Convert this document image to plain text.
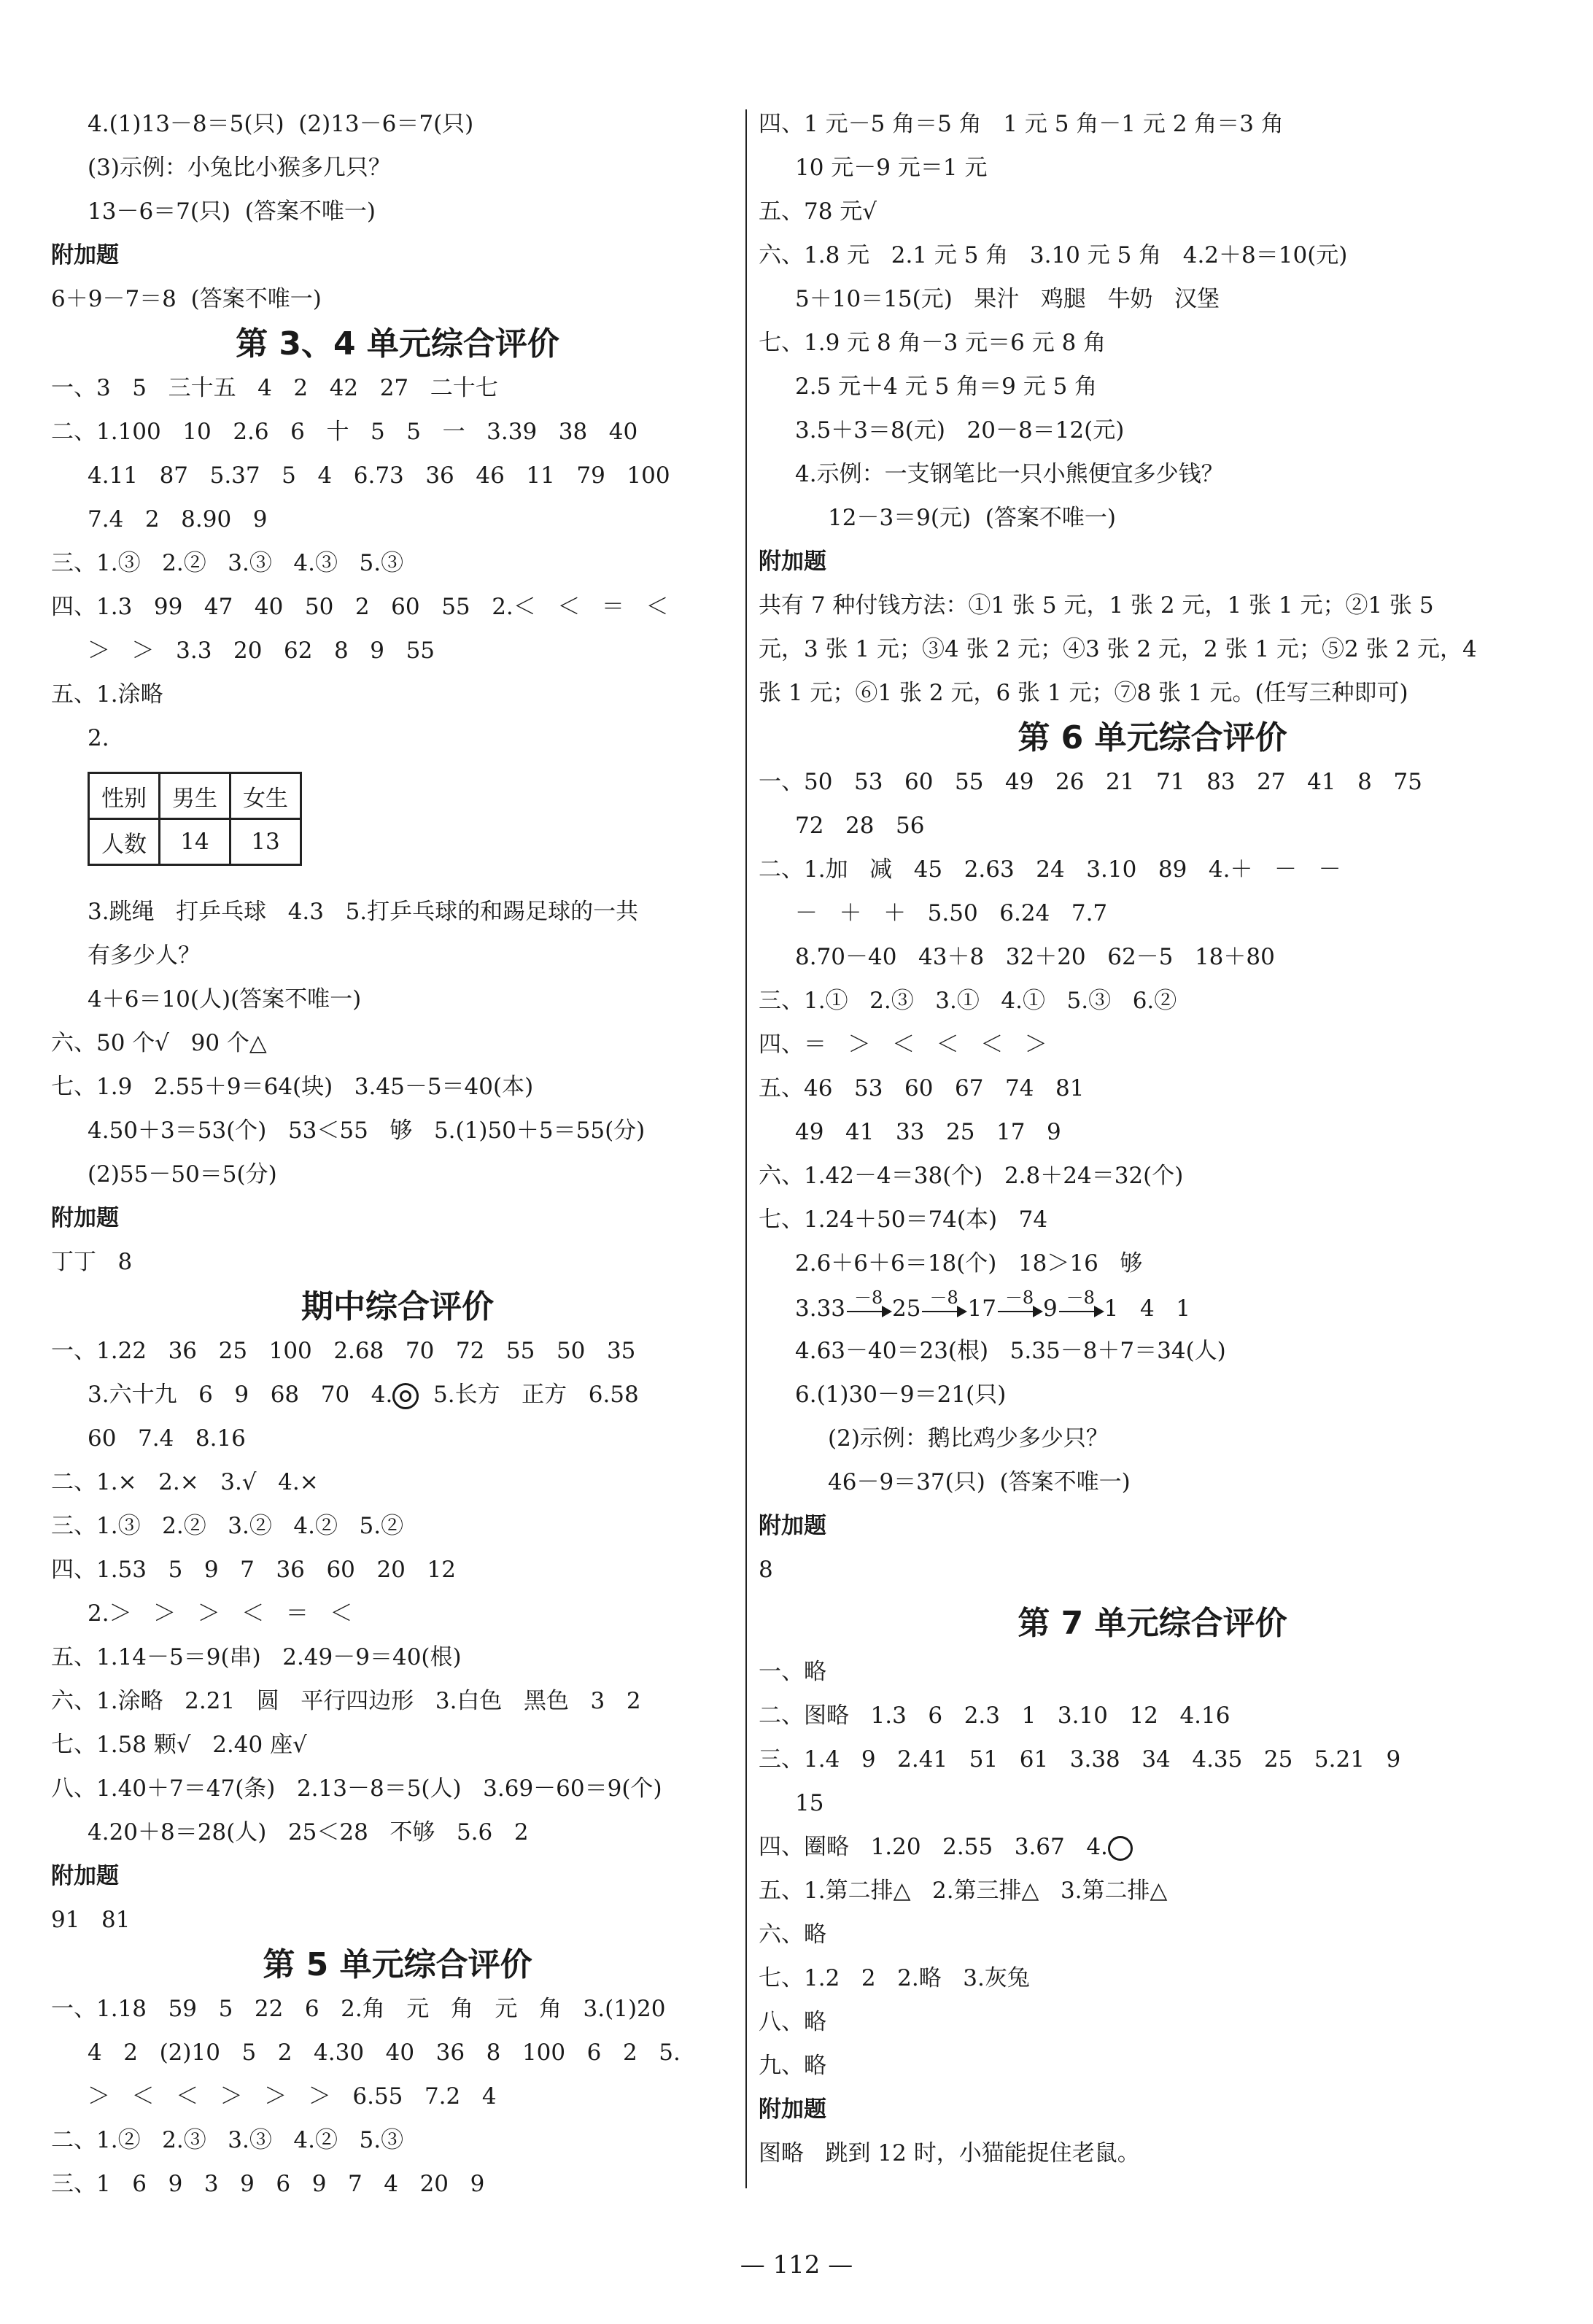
4.(1)13－8＝5(只)  (2)13－6＝7(只)
(3)示例：小兔比小猴多几只？
13－6＝7(只)  (答案不唯一)
附加题
6＋9－7＝8  (答案不唯一)
第 3、4 单元综合评价
一、3   5   三十五   4   2   42   27   二十七
二、1.100   10   2.6   6   十   5   5   一   3.39   38   40
4.11   87   5.37   5   4   6.73   36   46   11   79   100
7.4   2   8.90   9
三、1.③   2.②   3.③   4.③   5.③
四、1.3   99   47   40   50   2   60   55   2.＜   ＜   ＝   ＜
＞   ＞   3.3   20   62   8   9   55
五、1.涂略
2.
性别	男生	女生
人数	14	13
3.跳绳   打乒乓球   4.3   5.打乒乓球的和踢足球的一共
有多少人？
4＋6＝10(人)(答案不唯一)
六、50 个√   90 个△
七、1.9   2.55＋9＝64(块)   3.45－5＝40(本)
4.50＋3＝53(个)   53＜55   够   5.(1)50＋5＝55(分)
(2)55－50＝5(分)
附加题
丁丁   8
期中综合评价
一、1.22   36   25   100   2.68   70   72   55   50   35
3.六十九   6   9   68   70   4.  5.长方   正方   6.58
60   7.4   8.16
二、1.×   2.×   3.√   4.×
三、1.③   2.②   3.②   4.②   5.②
四、1.53   5   9   7   36   60   20   12
2.＞   ＞   ＞   ＜   ＝   ＜
五、1.14－5＝9(串)   2.49－9＝40(根)
六、1.涂略   2.21   圆   平行四边形   3.白色   黑色   3   2
七、1.58 颗√   2.40 座√
八、1.40＋7＝47(条)   2.13－8＝5(人)   3.69－60＝9(个)
4.20＋8＝28(人)   25＜28   不够   5.6   2
附加题
91   81
第 5 单元综合评价
一、1.18   59   5   22   6   2.角   元   角   元   角   3.(1)20
4   2   (2)10   5   2   4.30   40   36   8   100   6   2   5.
＞   ＜   ＜   ＞   ＞   ＞   6.55   7.2   4
二、1.②   2.③   3.③   4.②   5.③
三、1   6   9   3   9   6   9   7   4   20   9
四、1 元－5 角＝5 角   1 元 5 角－1 元 2 角＝3 角
10 元－9 元＝1 元
五、78 元√
六、1.8 元   2.1 元 5 角   3.10 元 5 角   4.2＋8＝10(元)
5＋10＝15(元)   果汁   鸡腿   牛奶   汉堡
七、1.9 元 8 角－3 元＝6 元 8 角
2.5 元＋4 元 5 角＝9 元 5 角
3.5＋3＝8(元)   20－8＝12(元)
4.示例：一支钢笔比一只小熊便宜多少钱？
12－3＝9(元)  (答案不唯一)
附加题
共有 7 种付钱方法：①1 张 5 元，1 张 2 元，1 张 1 元；②1 张 5
元，3 张 1 元；③4 张 2 元；④3 张 2 元，2 张 1 元；⑤2 张 2 元，4
张 1 元；⑥1 张 2 元，6 张 1 元；⑦8 张 1 元。(任写三种即可)
第 6 单元综合评价
一、50   53   60   55   49   26   21   71   83   27   41   8   75
72   28   56
二、1.加   减   45   2.63   24   3.10   89   4.＋   －   －
－   ＋   ＋   5.50   6.24   7.7
8.70－40   43＋8   32＋20   62－5   18＋80
三、1.①   2.③   3.①   4.①   5.③   6.②
四、＝   ＞   ＜   ＜   ＜   ＞
五、46   53   60   67   74   81
49   41   33   25   17   9
六、1.42－4＝38(个)   2.8＋24＝32(个)
七、1.24＋50＝74(本)   74
2.6＋6＋6＝18(个)   18＞16   够
3.33 －8 25 －8 17 －8 9 －8 1   4   1
4.63－40＝23(根)   5.35－8＋7＝34(人)
6.(1)30－9＝21(只)
(2)示例：鹅比鸡少多少只？
46－9＝37(只)  (答案不唯一)
附加题
8
第 7 单元综合评价
一、略
二、图略   1.3   6   2.3   1   3.10   12   4.16
三、1.4   9   2.41   51   61   3.38   34   4.35   25   5.21   9
15
四、圈略   1.20   2.55   3.67   4.
五、1.第二排△   2.第三排△   3.第二排△
六、略
七、1.2   2   2.略   3.灰兔
八、略
九、略
附加题
图略   跳到 12 时，小猫能捉住老鼠。
— 112 —
